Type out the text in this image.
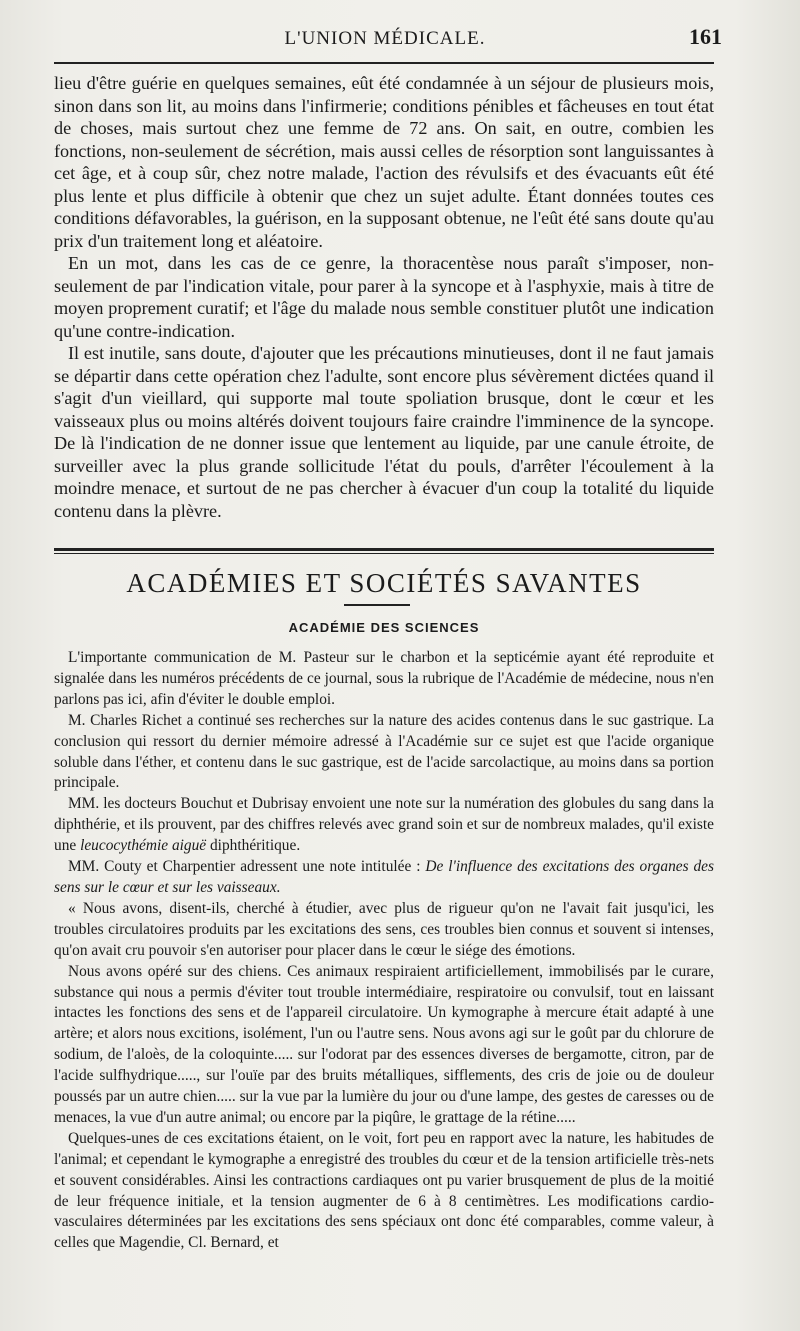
L'UNION MÉDICALE.	161

lieu d'être guérie en quelques semaines, eût été condamnée à un séjour de plusieurs mois, sinon dans son lit, au moins dans l'infirmerie; conditions pénibles et fâcheuses en tout état de choses, mais surtout chez une femme de 72 ans. On sait, en outre, combien les fonctions, non-seulement de sécrétion, mais aussi celles de résorption sont languissantes à cet âge, et à coup sûr, chez notre malade, l'action des révulsifs et des évacuants eût été plus lente et plus difficile à obtenir que chez un sujet adulte. Étant données toutes ces conditions défavorables, la guérison, en la supposant obtenue, ne l'eût été sans doute qu'au prix d'un traitement long et aléatoire.

En un mot, dans les cas de ce genre, la thoracentèse nous paraît s'imposer, non-seulement de par l'indication vitale, pour parer à la syncope et à l'asphyxie, mais à titre de moyen proprement curatif; et l'âge du malade nous semble constituer plutôt une indication qu'une contre-indication.

Il est inutile, sans doute, d'ajouter que les précautions minutieuses, dont il ne faut jamais se départir dans cette opération chez l'adulte, sont encore plus sévèrement dictées quand il s'agit d'un vieillard, qui supporte mal toute spoliation brusque, dont le cœur et les vaisseaux plus ou moins altérés doivent toujours faire craindre l'imminence de la syncope. De là l'indication de ne donner issue que lentement au liquide, par une canule étroite, de surveiller avec la plus grande sollicitude l'état du pouls, d'arrêter l'écoulement à la moindre menace, et surtout de ne pas chercher à évacuer d'un coup la totalité du liquide contenu dans la plèvre.

ACADÉMIES ET SOCIÉTÉS SAVANTES
ACADÉMIE DES SCIENCES

L'importante communication de M. Pasteur sur le charbon et la septicémie ayant été reproduite et signalée dans les numéros précédents de ce journal, sous la rubrique de l'Académie de médecine, nous n'en parlons pas ici, afin d'éviter le double emploi.

M. Charles Richet a continué ses recherches sur la nature des acides contenus dans le suc gastrique. La conclusion qui ressort du dernier mémoire adressé à l'Académie sur ce sujet est que l'acide organique soluble dans l'éther, et contenu dans le suc gastrique, est de l'acide sarcolactique, au moins dans sa portion principale.

MM. les docteurs Bouchut et Dubrisay envoient une note sur la numération des globules du sang dans la diphthérie, et ils prouvent, par des chiffres relevés avec grand soin et sur de nombreux malades, qu'il existe une leucocythémie aiguë diphthéritique.

MM. Couty et Charpentier adressent une note intitulée : De l'influence des excitations des organes des sens sur le cœur et sur les vaisseaux.

« Nous avons, disent-ils, cherché à étudier, avec plus de rigueur qu'on ne l'avait fait jusqu'ici, les troubles circulatoires produits par les excitations des sens, ces troubles bien connus et souvent si intenses, qu'on avait cru pouvoir s'en autoriser pour placer dans le cœur le siége des émotions.

Nous avons opéré sur des chiens. Ces animaux respiraient artificiellement, immobilisés par le curare, substance qui nous a permis d'éviter tout trouble intermédiaire, respiratoire ou convulsif, tout en laissant intactes les fonctions des sens et de l'appareil circulatoire. Un kymographe à mercure était adapté à une artère; et alors nous excitions, isolément, l'un ou l'autre sens. Nous avons agi sur le goût par du chlorure de sodium, de l'aloès, de la coloquinte..... sur l'odorat par des essences diverses de bergamotte, citron, par de l'acide sulfhydrique....., sur l'ouïe par des bruits métalliques, sifflements, des cris de joie ou de douleur poussés par un autre chien..... sur la vue par la lumière du jour ou d'une lampe, des gestes de caresses ou de menaces, la vue d'un autre animal; ou encore par la piqûre, le grattage de la rétine.....

Quelques-unes de ces excitations étaient, on le voit, fort peu en rapport avec la nature, les habitudes de l'animal; et cependant le kymographe a enregistré des troubles du cœur et de la tension artificielle très-nets et souvent considérables. Ainsi les contractions cardiaques ont pu varier brusquement de plus de la moitié de leur fréquence initiale, et la tension augmenter de 6 à 8 centimètres. Les modifications cardio-vasculaires déterminées par les excitations des sens spéciaux ont donc été comparables, comme valeur, à celles que Magendie, Cl. Bernard, et
